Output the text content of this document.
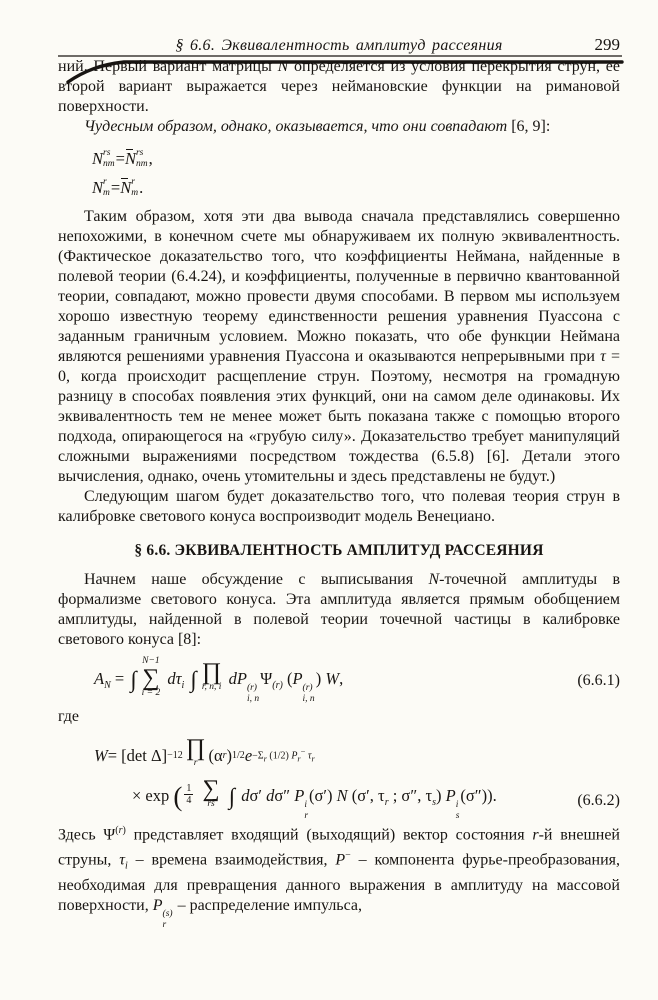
§ 6.6. Эквивалентность амплитуд рассеяния	299

ний. Первый вариант матрицы N определяется из условия перекрытия струн, ее второй вариант выражается через неймановские функции на римановой поверхности.

Чудесным образом, однако, оказывается, что они совпадают [6, 9]:

N rs
nm = N rs
nm ,
N r
m = N r
m .

Таким образом, хотя эти два вывода сначала представлялись совершенно непохожими, в конечном счете мы обнаруживаем их полную эквивалентность. (Фактическое доказательство того, что коэффициенты Неймана, найденные в полевой теории (6.4.24), и коэффициенты, полученные в первично квантованной теории, совпадают, можно провести двумя способами. В первом мы используем хорошо известную теорему единственности решения уравнения Пуассона с заданным граничным условием. Можно показать, что обе функции Неймана являются решениями уравнения Пуассона и оказываются непрерывными при τ = 0, когда происходит расщепление струн. Поэтому, несмотря на громадную разницу в способах появления этих функций, они на самом деле одинаковы. Их эквивалентность тем не менее может быть показана также с помощью второго подхода, опирающегося на «грубую силу». Доказательство требует манипуляций сложными выражениями посредством тождества (6.5.8) [6]. Детали этого вычисления, однако, очень утомительны и здесь представлены не будут.)

Следующим шагом будет доказательство того, что полевая теория струн в калибровке светового конуса воспроизводит модель Венециано.

§ 6.6. ЭКВИВАЛЕНТНОСТЬ АМПЛИТУД РАССЕЯНИЯ

Начнем наше обсуждение с выписывания N-точечной амплитуды в формализме светового конуса. Эта амплитуда является прямым обобщением амплитуды, найденной в полевой теории точечной частицы в калибровке светового конуса [8]:

$A_N$ = ∫
N−1
∑
i = 2
$d\tau_i$ ∫ ∏
r, n, i dP (r)
i, n
$\Psi_{(r)}$ (P (r)
i, n
) W,	(6.6.1)

где

W = [det Δ] −12 ∏
r (α r ) 1/2 $e -\Sigma_r$ (1/2) $P_r^-$ $\tau_r$
× exp ( $\frac{1}{4}$
∑
rs ∫ dσ′ dσ″ P i
r
(σ′) N (σ′, $\tau_r$ ; σ″, $\tau_s$) P i
s
(σ″)).	(6.6.2)

Здесь $\Psi^{(r)}$ представляет входящий (выходящий) вектор состояния r-й внешней струны, $\tau_i$ – времена взаимодействия, P− – компонента фурье-преобразования, необходимая для превращения данного выражения в амплитуду на массовой поверхности, P (s)
r
– распределение импульса,
